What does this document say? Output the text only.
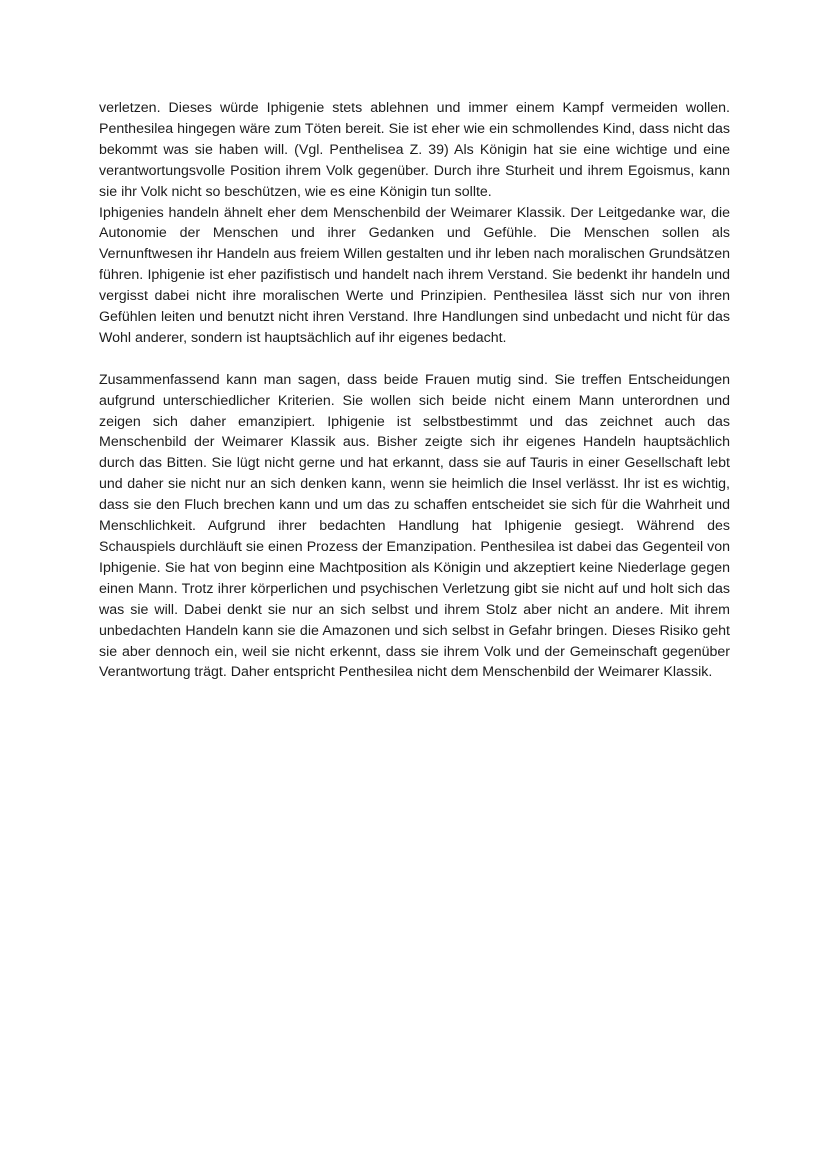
verletzen. Dieses würde Iphigenie stets ablehnen und immer einem Kampf vermeiden wollen. Penthesilea hingegen wäre zum Töten bereit. Sie ist eher wie ein schmollendes Kind, dass nicht das bekommt was sie haben will. (Vgl. Penthelisea Z. 39) Als Königin hat sie eine wichtige und eine verantwortungsvolle Position ihrem Volk gegenüber. Durch ihre Sturheit und ihrem Egoismus, kann sie ihr Volk nicht so beschützen, wie es eine Königin tun sollte.

Iphigenies handeln ähnelt eher dem Menschenbild der Weimarer Klassik. Der Leitgedanke war, die Autonomie der Menschen und ihrer Gedanken und Gefühle. Die Menschen sollen als Vernunftwesen ihr Handeln aus freiem Willen gestalten und ihr leben nach moralischen Grundsätzen führen. Iphigenie ist eher pazifistisch und handelt nach ihrem Verstand. Sie bedenkt ihr handeln und vergisst dabei nicht ihre moralischen Werte und Prinzipien. Penthesilea lässt sich nur von ihren Gefühlen leiten und benutzt nicht ihren Verstand. Ihre Handlungen sind unbedacht und nicht für das Wohl anderer, sondern ist hauptsächlich auf ihr eigenes bedacht.

Zusammenfassend kann man sagen, dass beide Frauen mutig sind. Sie treffen Entscheidungen aufgrund unterschiedlicher Kriterien. Sie wollen sich beide nicht einem Mann unterordnen und zeigen sich daher emanzipiert. Iphigenie ist selbstbestimmt und das zeichnet auch das Menschenbild der Weimarer Klassik aus. Bisher zeigte sich ihr eigenes Handeln hauptsächlich durch das Bitten. Sie lügt nicht gerne und hat erkannt, dass sie auf Tauris in einer Gesellschaft lebt und daher sie nicht nur an sich denken kann, wenn sie heimlich die Insel verlässt. Ihr ist es wichtig, dass sie den Fluch brechen kann und um das zu schaffen entscheidet sie sich für die Wahrheit und Menschlichkeit. Aufgrund ihrer bedachten Handlung hat Iphigenie gesiegt. Während des Schauspiels durchläuft sie einen Prozess der Emanzipation. Penthesilea ist dabei das Gegenteil von Iphigenie. Sie hat von beginn eine Machtposition als Königin und akzeptiert keine Niederlage gegen einen Mann. Trotz ihrer körperlichen und psychischen Verletzung gibt sie nicht auf und holt sich das was sie will. Dabei denkt sie nur an sich selbst und ihrem Stolz aber nicht an andere. Mit ihrem unbedachten Handeln kann sie die Amazonen und sich selbst in Gefahr bringen. Dieses Risiko geht sie aber dennoch ein, weil sie nicht erkennt, dass sie ihrem Volk und der Gemeinschaft gegenüber Verantwortung trägt. Daher entspricht Penthesilea nicht dem Menschenbild der Weimarer Klassik.
